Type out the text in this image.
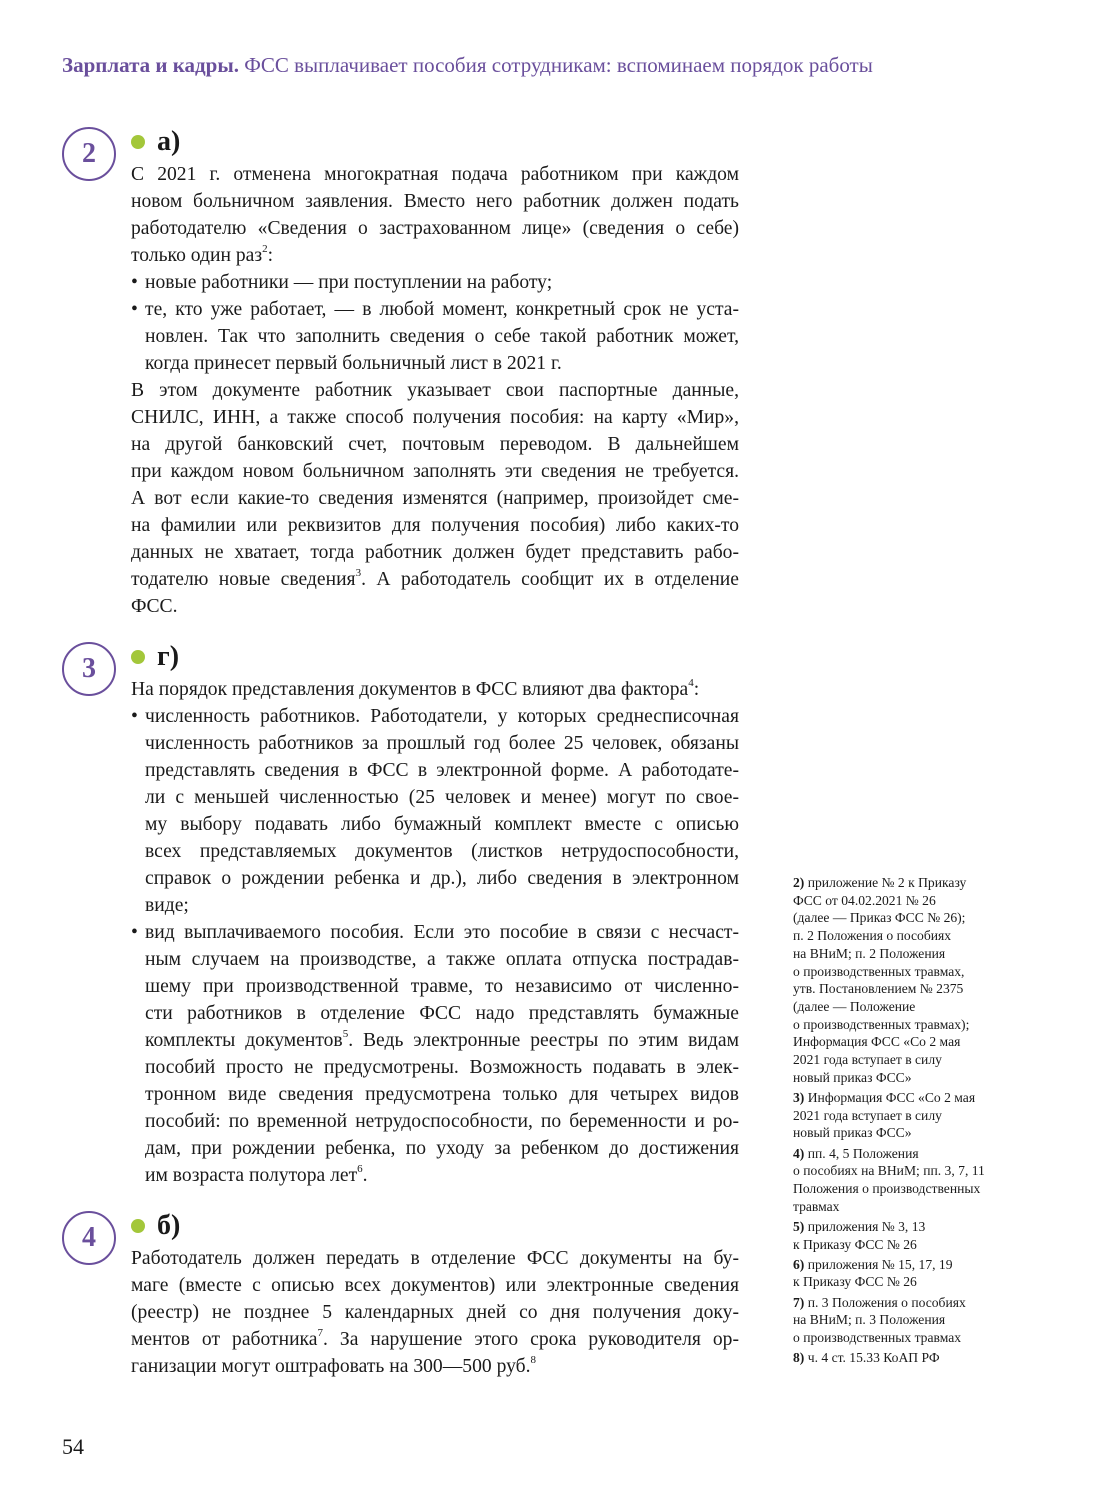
Зарплата и кадры. ФСС выплачивает пособия сотрудникам: вспоминаем порядок работы
2	а)
С 2021 г. отменена многократная подача работником при каждом
новом больничном заявления. Вместо него работник должен подать
работодателю «Сведения о застрахованном лице» (сведения о себе)
только один раз$^2$:
• новые работники — при поступлении на работу;
• те, кто уже работает, — в любой момент, конкретный срок не уста-
новлен. Так что заполнить сведения о себе такой работник может,
когда принесет первый больничный лист в 2021 г.
В этом документе работник указывает свои паспортные данные,
СНИЛС, ИНН, а также способ получения пособия: на карту «Мир»,
на другой банковский счет, почтовым переводом. В дальнейшем
при каждом новом больничном заполнять эти сведения не требуется.
А вот если какие-то сведения изменятся (например, произойдет сме-
на фамилии или реквизитов для получения пособия) либо каких-то
данных не хватает, тогда работник должен будет представить рабо-
тодателю новые сведения$^3$. А работодатель сообщит их в отделение
ФСС.
3	г)
На порядок представления документов в ФСС влияют два фактора$^4$:
• численность работников. Работодатели, у которых среднесписочная
численность работников за прошлый год более 25 человек, обязаны
представлять сведения в ФСС в электронной форме. А работодате-
ли с меньшей численностью (25 человек и менее) могут по свое-
му выбору подавать либо бумажный комплект вместе с описью
всех представляемых документов (листков нетрудоспособности,
справок о рождении ребенка и др.), либо сведения в электронном
виде;
• вид выплачиваемого пособия. Если это пособие в связи с несчаст-
ным случаем на производстве, а также оплата отпуска пострадав-
шему при производственной травме, то независимо от численно-
сти работников в отделение ФСС надо представлять бумажные
комплекты документов$^5$. Ведь электронные реестры по этим видам
пособий просто не предусмотрены. Возможность подавать в элек-
тронном виде сведения предусмотрена только для четырех видов
пособий: по временной нетрудоспособности, по беременности и ро-
дам, при рождении ребенка, по уходу за ребенком до достижения
им возраста полутора лет$^6$.
4	б)
Работодатель должен передать в отделение ФСС документы на бу-
маге (вместе с описью всех документов) или электронные сведения
(реестр) не позднее 5 календарных дней со дня получения доку-
ментов от работника$^7$. За нарушение этого срока руководителя ор-
ганизации могут оштрафовать на 300—500 руб.$^8$
2) приложение № 2 к Приказу
ФСС от 04.02.2021 № 26
(далее — Приказ ФСС № 26);
п. 2 Положения о пособиях
на ВНиМ; п. 2 Положения
о производственных травмах,
утв. Постановлением № 2375
(далее — Положение
о производственных травмах);
Информация ФСС «Со 2 мая
2021 года вступает в силу
новый приказ ФСС»
3) Информация ФСС «Со 2 мая
2021 года вступает в силу
новый приказ ФСС»
4) пп. 4, 5 Положения
о пособиях на ВНиМ; пп. 3, 7, 11
Положения о производственных
травмах
5) приложения № 3, 13
к Приказу ФСС № 26
6) приложения № 15, 17, 19
к Приказу ФСС № 26
7) п. 3 Положения о пособиях
на ВНиМ; п. 3 Положения
о производственных травмах
8) ч. 4 ст. 15.33 КоАП РФ
54
